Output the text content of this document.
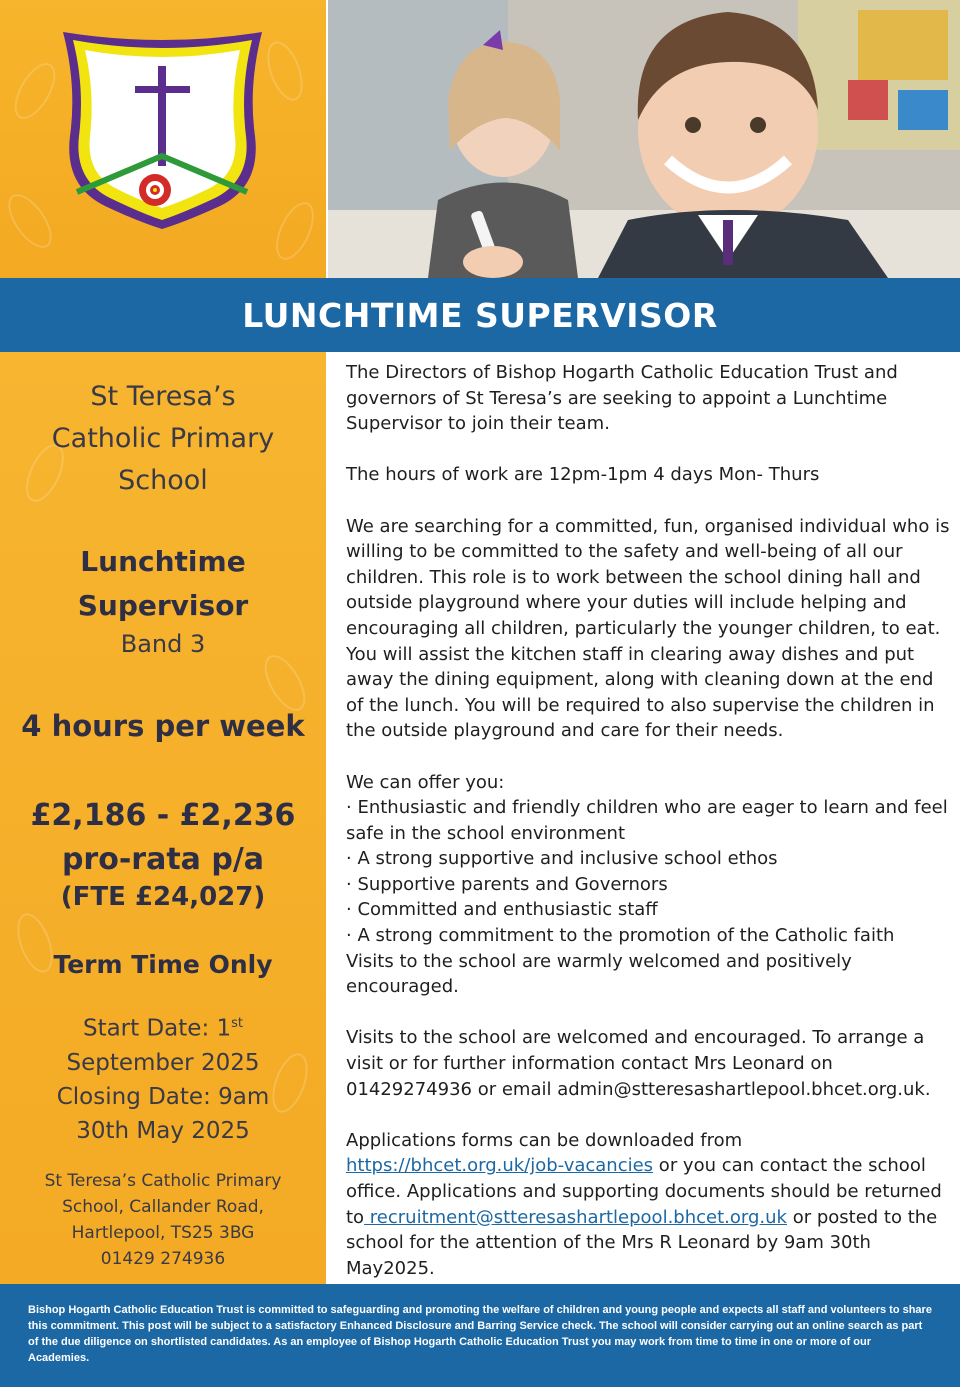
LUNCHTIME SUPERVISOR
St Teresa’s
Catholic Primary
School
Lunchtime
Supervisor
Band 3
4 hours per week
£2,186 - £2,236
pro-rata p/a
(FTE £24,027)
Term Time Only
Start Date: 1st
September 2025
Closing Date: 9am
30th May 2025
St Teresa’s Catholic Primary
School, Callander Road,
Hartlepool, TS25 3BG
01429 274936

The Directors of Bishop Hogarth Catholic Education Trust and governors of St Teresa’s are seeking to appoint a Lunchtime Supervisor to join their team.

The hours of work are 12pm-1pm 4 days Mon- Thurs

We are searching for a committed, fun, organised individual who is willing to be committed to the safety and well-being of all our children. This role is to work between the school dining hall and outside playground where your duties will include helping and encouraging all children, particularly the younger children, to eat. You will assist the kitchen staff in clearing away dishes and put away the dining equipment, along with cleaning down at the end of the lunch. You will be required to also supervise the children in the outside playground and care for their needs.

We can offer you:
· Enthusiastic and friendly children who are eager to learn and feel safe in the school environment
· A strong supportive and inclusive school ethos
· Supportive parents and Governors
· Committed and enthusiastic staff
· A strong commitment to the promotion of the Catholic faith
Visits to the school are warmly welcomed and positively encouraged.

Visits to the school are welcomed and encouraged. To arrange a visit or for further information contact Mrs Leonard on 01429274936 or email admin@stteresashartlepool.bhcet.org.uk.

Applications forms can be downloaded from
https://bhcet.org.uk/job-vacancies or you can contact the school office. Applications and supporting documents should be returned to recruitment@stteresashartlepool.bhcet.org.uk or posted to the school for the attention of the Mrs R Leonard by 9am 30th May2025.

Bishop Hogarth Catholic Education Trust is committed to safeguarding and promoting the welfare of children and young people and expects all staff and volunteers to share this commitment. This post will be subject to a satisfactory Enhanced Disclosure and Barring Service check. The school will consider carrying out an online search as part of the due diligence on shortlisted candidates. As an employee of Bishop Hogarth Catholic Education Trust you may work from time to time in one or more of our Academies.
